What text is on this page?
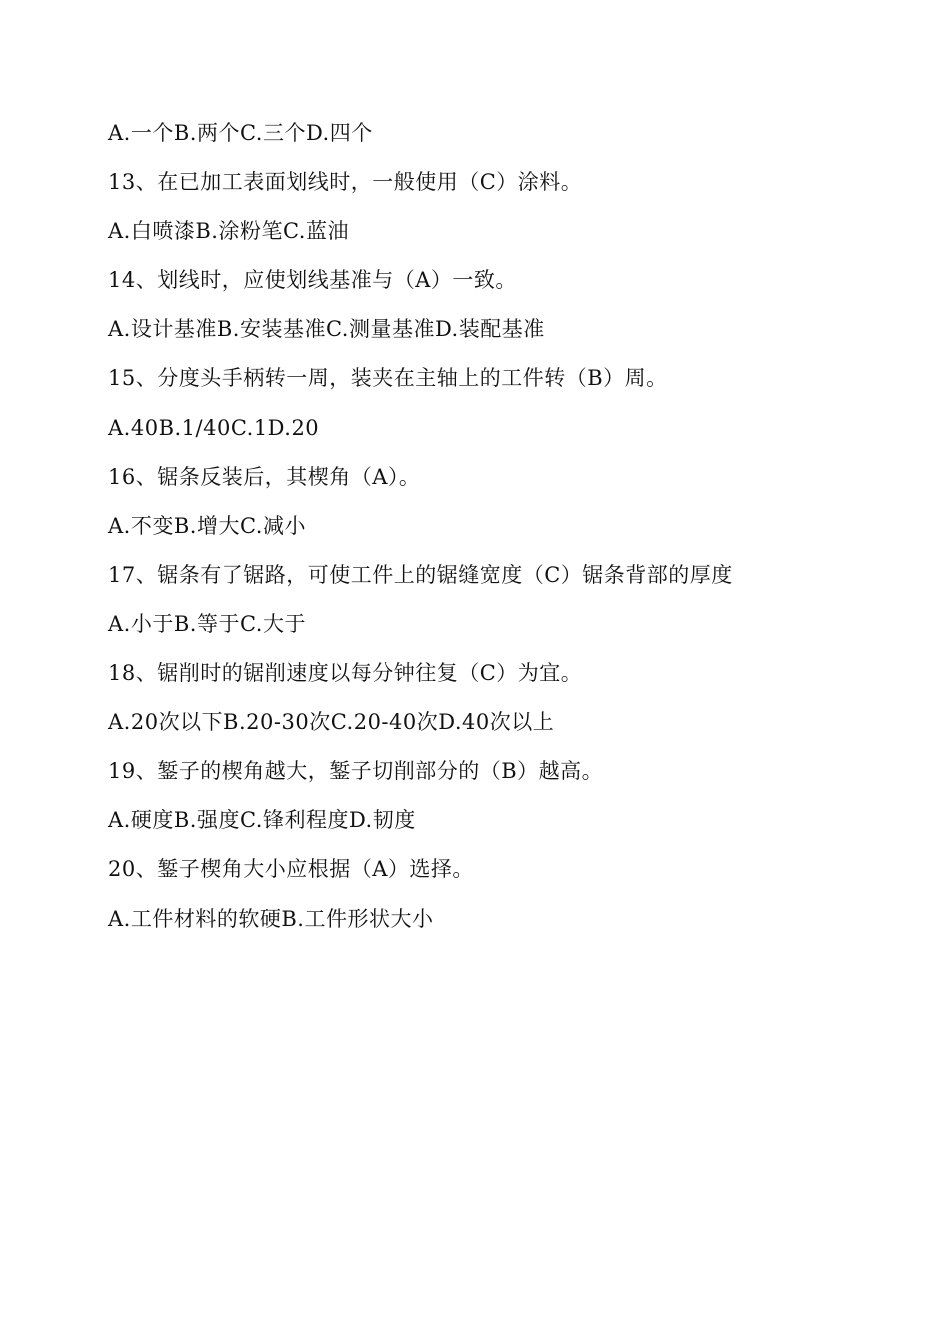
A.一个B.两个C.三个D.四个
13、在已加工表面划线时，一般使用（C）涂料。
A.白喷漆B.涂粉笔C.蓝油
14、划线时，应使划线基准与（A）一致。
A.设计基准B.安装基准C.测量基准D.装配基准
15、分度头手柄转一周，装夹在主轴上的工件转（B）周。
A.40B.1/40C.1D.20
16、锯条反装后，其楔角（A）。
A.不变B.增大C.减小
17、锯条有了锯路，可使工件上的锯缝宽度（C）锯条背部的厚度
A.小于B.等于C.大于
18、锯削时的锯削速度以每分钟往复（C）为宜。
A.20次以下B.20-30次C.20-40次D.40次以上
19、錾子的楔角越大，錾子切削部分的（B）越高。
A.硬度B.强度C.锋利程度D.韧度
20、錾子楔角大小应根据（A）选择。
A.工件材料的软硬B.工件形状大小
